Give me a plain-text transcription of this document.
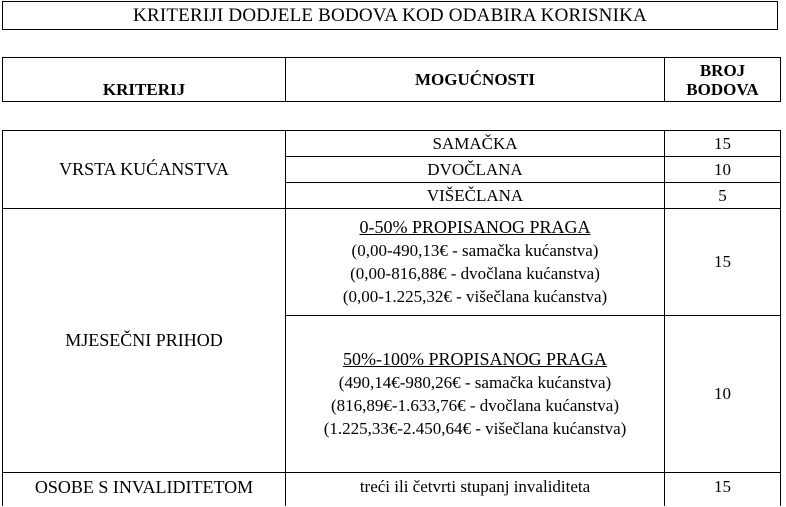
KRITERIJI DODJELE BODOVA KOD ODABIRA KORISNIKA
KRITERIJ	MOGUĆNOSTI	BROJ
BODOVA
VRSTA KUĆANSTVA	SAMAČKA	15
	DVOČLANA	10
	VIŠEČLANA	5
MJESEČNI PRIHOD	0-50% PROPISANOG PRAGA
(0,00-490,13€ - samačka kućanstva)
(0,00-816,88€ - dvočlana kućanstva)
(0,00-1.225,32€ - višečlana kućanstva)	15

	50%-100% PROPISANOG PRAGA
(490,14€-980,26€ - samačka kućanstva)
(816,89€-1.633,76€ - dvočlana kućanstva)
(1.225,33€-2.450,64€ - višečlana kućanstva)	10
OSOBE S INVALIDITETOM	treći ili četvrti stupanj invaliditeta	15
